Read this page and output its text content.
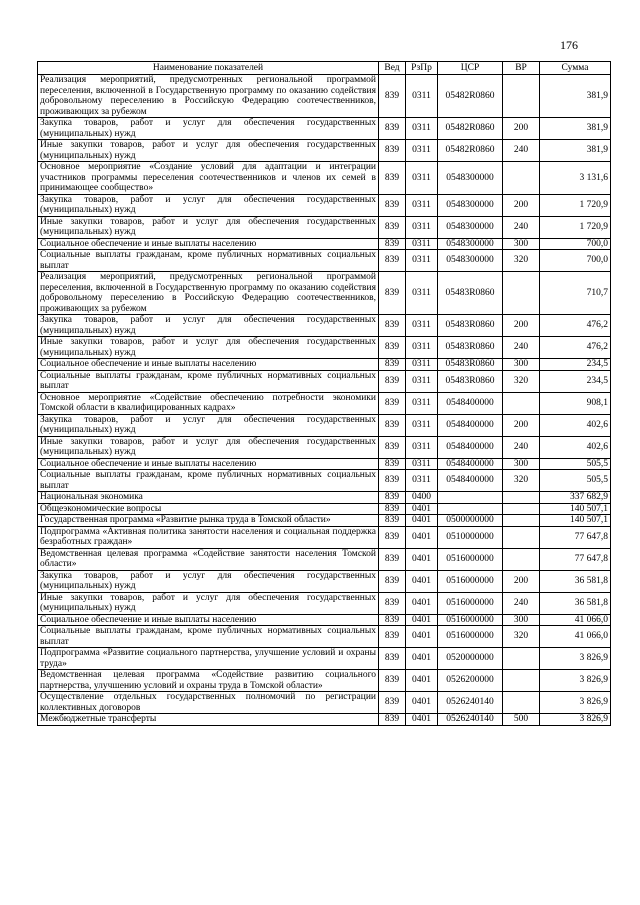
176
Наименование показателей	Вед	РзПр	ЦСР	ВР	Сумма
Реализация мероприятий, предусмотренных региональной программой переселения, включенной в Государственную программу по оказанию содействия добровольному переселению в Российскую Федерацию соотечественников, проживающих за рубежом	839	0311	05482R0860		381,9
Закупка товаров, работ и услуг для обеспечения государственных (муниципальных) нужд	839	0311	05482R0860	200	381,9
Иные закупки товаров, работ и услуг для обеспечения государственных (муниципальных) нужд	839	0311	05482R0860	240	381,9
Основное мероприятие «Создание условий для адаптации и интеграции участников программы переселения соотечественников и членов их семей в принимающее сообщество»	839	0311	0548300000		3 131,6
Закупка товаров, работ и услуг для обеспечения государственных (муниципальных) нужд	839	0311	0548300000	200	1 720,9
Иные закупки товаров, работ и услуг для обеспечения государственных (муниципальных) нужд	839	0311	0548300000	240	1 720,9
Социальное обеспечение и иные выплаты населению	839	0311	0548300000	300	700,0
Социальные выплаты гражданам, кроме публичных нормативных социальных выплат	839	0311	0548300000	320	700,0
Реализация мероприятий, предусмотренных региональной программой переселения, включенной в Государственную программу по оказанию содействия добровольному переселению в Российскую Федерацию соотечественников, проживающих за рубежом	839	0311	05483R0860		710,7
Закупка товаров, работ и услуг для обеспечения государственных (муниципальных) нужд	839	0311	05483R0860	200	476,2
Иные закупки товаров, работ и услуг для обеспечения государственных (муниципальных) нужд	839	0311	05483R0860	240	476,2
Социальное обеспечение и иные выплаты населению	839	0311	05483R0860	300	234,5
Социальные выплаты гражданам, кроме публичных нормативных социальных выплат	839	0311	05483R0860	320	234,5
Основное мероприятие «Содействие обеспечению потребности экономики Томской области в квалифицированных кадрах»	839	0311	0548400000		908,1
Закупка товаров, работ и услуг для обеспечения государственных (муниципальных) нужд	839	0311	0548400000	200	402,6
Иные закупки товаров, работ и услуг для обеспечения государственных (муниципальных) нужд	839	0311	0548400000	240	402,6
Социальное обеспечение и иные выплаты населению	839	0311	0548400000	300	505,5
Социальные выплаты гражданам, кроме публичных нормативных социальных выплат	839	0311	0548400000	320	505,5
Национальная экономика	839	0400			337 682,9
Общеэкономические вопросы	839	0401			140 507,1
Государственная программа «Развитие рынка труда в Томской области»	839	0401	0500000000		140 507,1
Подпрограмма «Активная политика занятости населения и социальная поддержка безработных граждан»	839	0401	0510000000		77 647,8
Ведомственная целевая программа «Содействие занятости населения Томской области»	839	0401	0516000000		77 647,8
Закупка товаров, работ и услуг для обеспечения государственных (муниципальных) нужд	839	0401	0516000000	200	36 581,8
Иные закупки товаров, работ и услуг для обеспечения государственных (муниципальных) нужд	839	0401	0516000000	240	36 581,8
Социальное обеспечение и иные выплаты населению	839	0401	0516000000	300	41 066,0
Социальные выплаты гражданам, кроме публичных нормативных социальных выплат	839	0401	0516000000	320	41 066,0
Подпрограмма «Развитие социального партнерства, улучшение условий и охраны труда»	839	0401	0520000000		3 826,9
Ведомственная целевая программа «Содействие развитию социального партнерства, улучшению условий и охраны труда в Томской области»	839	0401	0526200000		3 826,9
Осуществление отдельных государственных полномочий по регистрации коллективных договоров	839	0401	0526240140		3 826,9
Межбюджетные трансферты	839	0401	0526240140	500	3 826,9
